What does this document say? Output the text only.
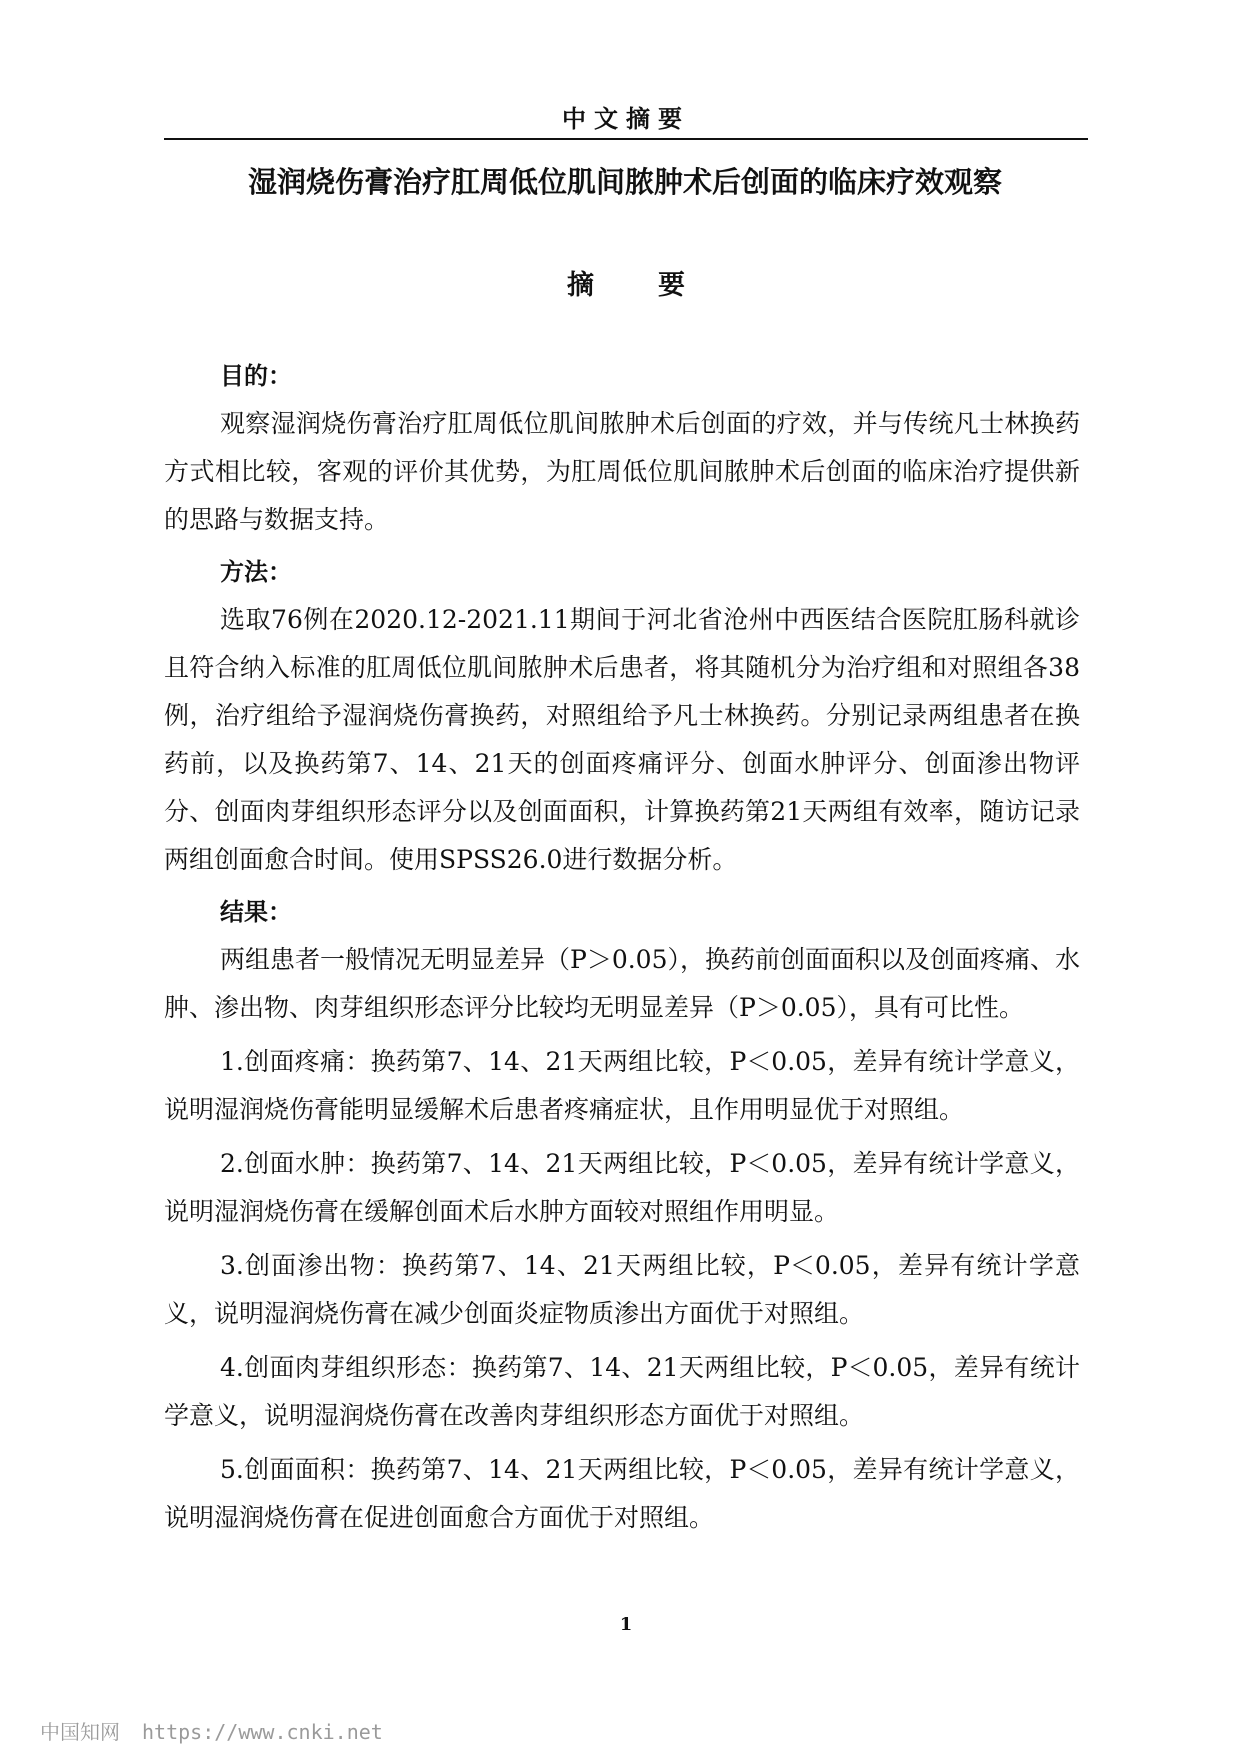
中文摘要
湿润烧伤膏治疗肛周低位肌间脓肿术后创面的临床疗效观察
摘要

目的：

观察湿润烧伤膏治疗肛周低位肌间脓肿术后创面的疗效，并与传统凡士林换药方式相比较，客观的评价其优势，为肛周低位肌间脓肿术后创面的临床治疗提供新的思路与数据支持。

方法：

选取76例在2020.12-2021.11期间于河北省沧州中西医结合医院肛肠科就诊且符合纳入标准的肛周低位肌间脓肿术后患者，将其随机分为治疗组和对照组各38例，治疗组给予湿润烧伤膏换药，对照组给予凡士林换药。分别记录两组患者在换药前，以及换药第7、14、21天的创面疼痛评分、创面水肿评分、创面渗出物评分、创面肉芽组织形态评分以及创面面积，计算换药第21天两组有效率，随访记录两组创面愈合时间。使用SPSS26.0进行数据分析。

结果：

两组患者一般情况无明显差异（P＞0.05），换药前创面面积以及创面疼痛、水肿、渗出物、肉芽组织形态评分比较均无明显差异（P＞0.05），具有可比性。

1.创面疼痛：换药第7、14、21天两组比较，P＜0.05，差异有统计学意义，说明湿润烧伤膏能明显缓解术后患者疼痛症状，且作用明显优于对照组。

2.创面水肿：换药第7、14、21天两组比较，P＜0.05，差异有统计学意义，说明湿润烧伤膏在缓解创面术后水肿方面较对照组作用明显。

3.创面渗出物：换药第7、14、21天两组比较，P＜0.05，差异有统计学意义，说明湿润烧伤膏在减少创面炎症物质渗出方面优于对照组。

4.创面肉芽组织形态：换药第7、14、21天两组比较，P＜0.05，差异有统计学意义，说明湿润烧伤膏在改善肉芽组织形态方面优于对照组。

5.创面面积：换药第7、14、21天两组比较，P＜0.05，差异有统计学意义，说明湿润烧伤膏在促进创面愈合方面优于对照组。

1
中国知网 https://www.cnki.net
